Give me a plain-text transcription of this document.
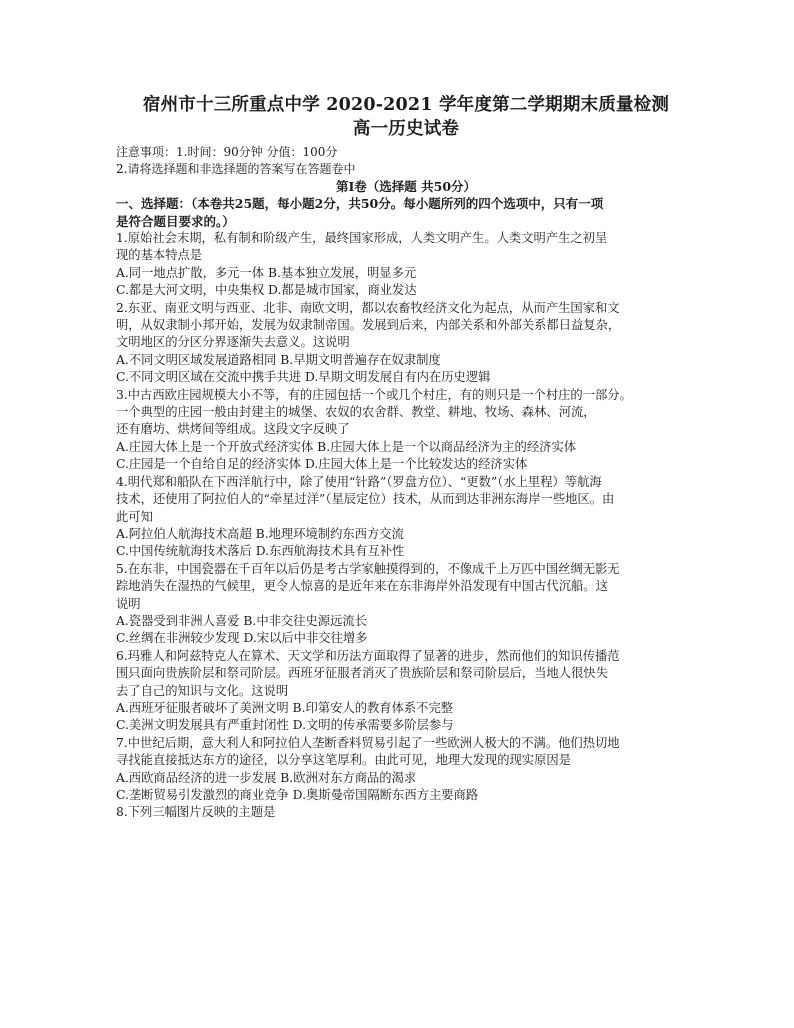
宿州市十三所重点中学 2020-2021 学年度第二学期期末质量检测
高一历史试卷
注意事项：1.时间：90分钟 分值：100分
2.请将选择题和非选择题的答案写在答题卷中
第Ⅰ卷（选择题 共50分）
一、选择题：（本卷共25题，每小题2分，共50分。每小题所列的四个选项中，只有一项
是符合题目要求的。）
1.原始社会末期，私有制和阶级产生，最终国家形成，人类文明产生。人类文明产生之初呈
现的基本特点是
A.同一地点扩散，多元一体 B.基本独立发展，明显多元
C.都是大河文明，中央集权 D.都是城市国家，商业发达
2.东亚、南亚文明与西亚、北非、南欧文明，都以农畜牧经济文化为起点，从而产生国家和文
明，从奴隶制小邦开始，发展为奴隶制帝国。发展到后来，内部关系和外部关系都日益复杂，
文明地区的分区分界逐渐失去意义。这说明
A.不同文明区域发展道路相同 B.早期文明普遍存在奴隶制度
C.不同文明区域在交流中携手共进 D.早期文明发展自有内在历史逻辑
3.中古西欧庄园规模大小不等，有的庄园包括一个或几个村庄，有的则只是一个村庄的一部分。
一个典型的庄园一般由封建主的城堡、农奴的农舍群、教堂、耕地、牧场、森林、河流，
还有磨坊、烘烤间等组成。这段文字反映了
A.庄园大体上是一个开放式经济实体 B.庄园大体上是一个以商品经济为主的经济实体
C.庄园是一个自给自足的经济实体 D.庄园大体上是一个比较发达的经济实体
4.明代郑和船队在下西洋航行中，除了使用“针路”（罗盘方位）、“更数”（水上里程）等航海
技术，还使用了阿拉伯人的“牵星过洋”（星辰定位）技术，从而到达非洲东海岸一些地区。由
此可知
A.阿拉伯人航海技术高超 B.地理环境制约东西方交流
C.中国传统航海技术落后 D.东西航海技术具有互补性
5.在东非，中国瓷器在千百年以后仍是考古学家触摸得到的，不像成千上万匹中国丝绸无影无
踪地消失在湿热的气候里，更令人惊喜的是近年来在东非海岸外沿发现有中国古代沉船。这
说明
A.瓷器受到非洲人喜爱 B.中非交往史源远流长
C.丝绸在非洲较少发现 D.宋以后中非交往增多
6.玛雅人和阿兹特克人在算术、天文学和历法方面取得了显著的进步，然而他们的知识传播范
围只面向贵族阶层和祭司阶层。西班牙征服者消灭了贵族阶层和祭司阶层后，当地人很快失
去了自己的知识与文化。这说明
A.西班牙征服者破坏了美洲文明 B.印第安人的教育体系不完整
C.美洲文明发展具有严重封闭性 D.文明的传承需要多阶层参与
7.中世纪后期，意大利人和阿拉伯人垄断香料贸易引起了一些欧洲人极大的不满。他们热切地
寻找能直接抵达东方的途径，以分享这笔厚利。由此可见，地理大发现的现实原因是
A.西欧商品经济的进一步发展 B.欧洲对东方商品的渴求
C.垄断贸易引发激烈的商业竞争 D.奥斯曼帝国隔断东西方主要商路
8.下列三幅图片反映的主题是
